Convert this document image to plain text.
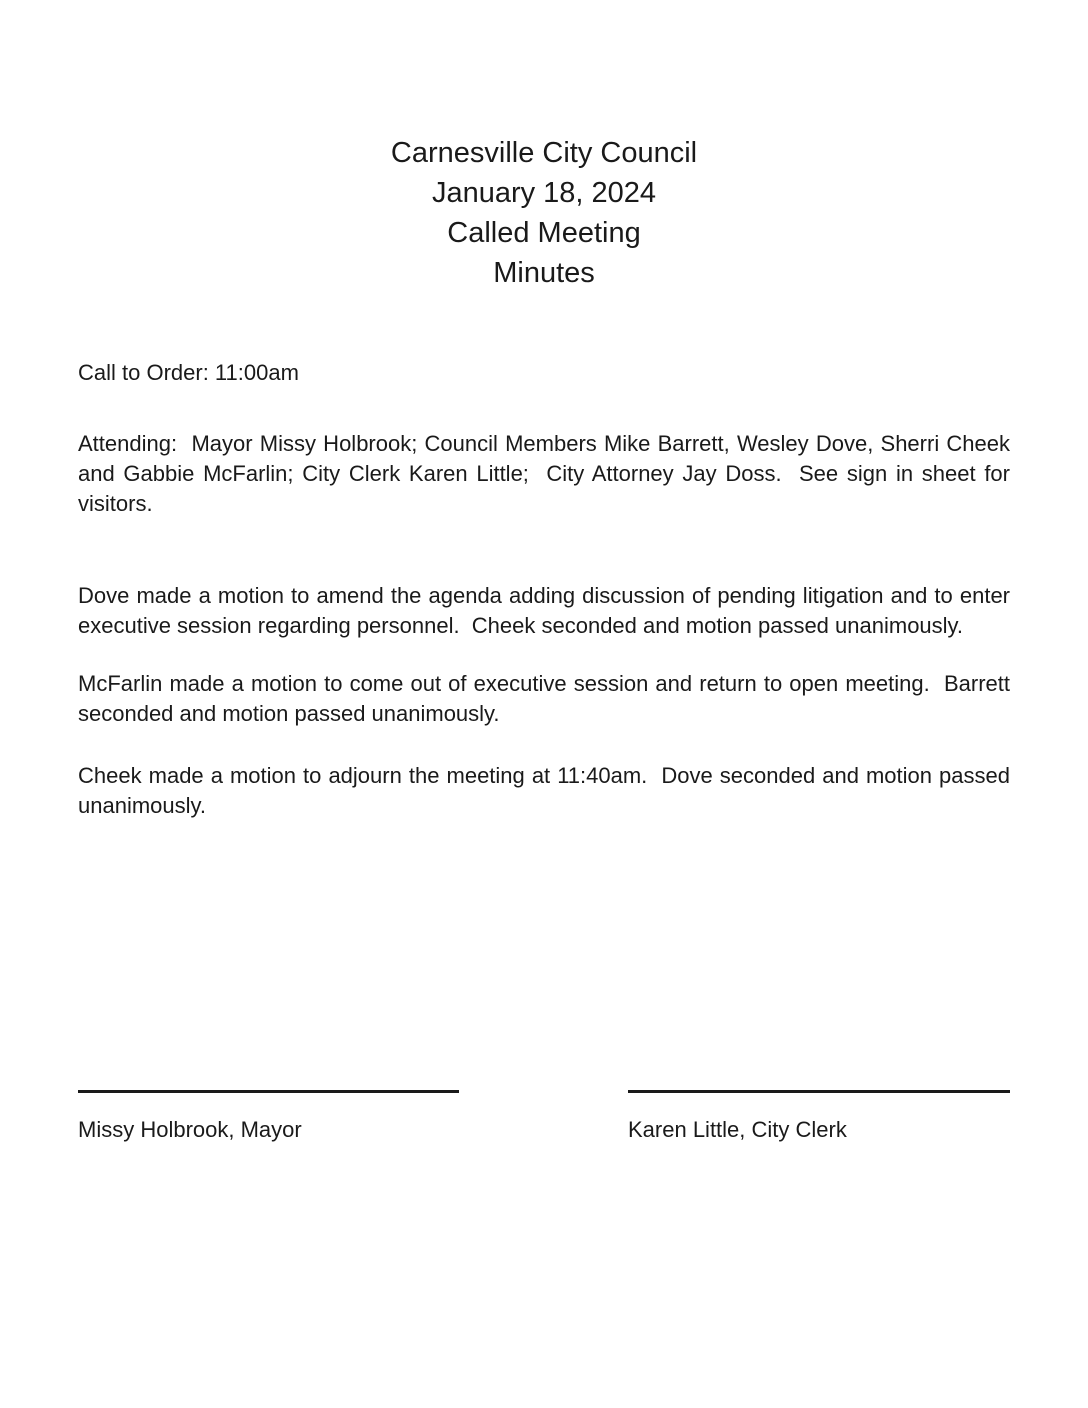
Carnesville City Council
January 18, 2024
Called Meeting
Minutes

Call to Order: 11:00am

Attending:  Mayor Missy Holbrook; Council Members Mike Barrett, Wesley Dove, Sherri Cheek and Gabbie McFarlin; City Clerk Karen Little;  City Attorney Jay Doss.  See sign in sheet for visitors.

Dove made a motion to amend the agenda adding discussion of pending litigation and to enter executive session regarding personnel.  Cheek seconded and motion passed unanimously.

McFarlin made a motion to come out of executive session and return to open meeting.  Barrett seconded and motion passed unanimously.

Cheek made a motion to adjourn the meeting at 11:40am.  Dove seconded and motion passed unanimously.

Missy Holbrook, Mayor	Karen Little, City Clerk
